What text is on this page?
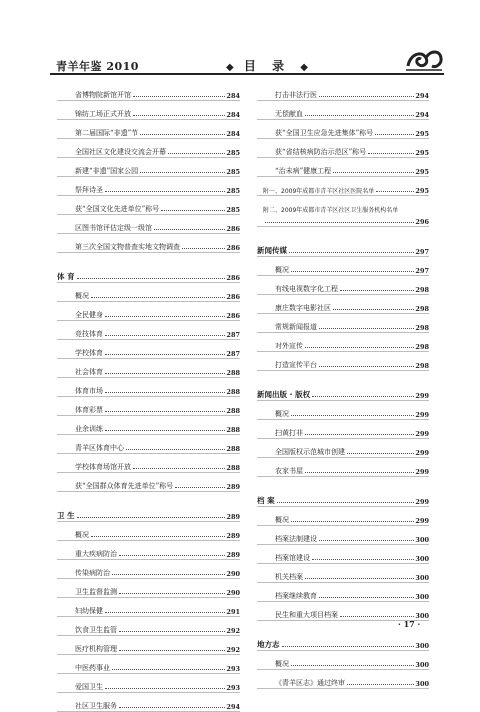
青羊年鉴 2010	◆ 目 录 ◆
省博物院新馆开馆	284
锦纺工场正式开放	284
第二届国际“非遗”节	284
全国社区文化建设交流会开幕	285
新建“非遗”国家公园	285
祭拜诗圣	285
获“全国文化先进单位”称号	285
区图书馆评估定级一级馆	286
第三次全国文物普查实地文物调查	286
体 育	286
概况	286
全民健身	286
竞技体育	287
学校体育	287
社会体育	288
体育市场	288
体育彩票	288
业余训练	288
青羊区体育中心	288
学校体育场馆开放	288
获“全国群众体育先进单位”称号	289
卫 生	289
概况	289
重大疾病防治	289
传染病防治	290
卫生监督监测	290
妇幼保健	291
饮食卫生监管	292
医疗机构管理	292
中医药事业	293
爱国卫生	293
社区卫生服务	294
打击非法行医	294
无偿献血	294
获“全国卫生应急先进集体”称号	295
获“省结核病防治示范区”称号	295
“治未病”健康工程	295
附一、2009年成都市青羊区社区医院名单	295
附二、2009年成都市青羊区社区卫生服务机构名单
296
新闻传媒	297
概况	297
有线电视数字化工程	298
康庄数字电影社区	298
常规新闻报道	298
对外宣传	298
打造宣传平台	298
新闻出版 · 版权	299
概况	299
扫黄打非	299
全国版权示范城市创建	299
农家书屋	299
档 案	299
概况	299
档案法制建设	300
档案馆建设	300
机关档案	300
档案继续教育	300
民生和重大项目档案	300
地方志	300
概况	300
《青羊区志》通过终审	300
· 17 ·
